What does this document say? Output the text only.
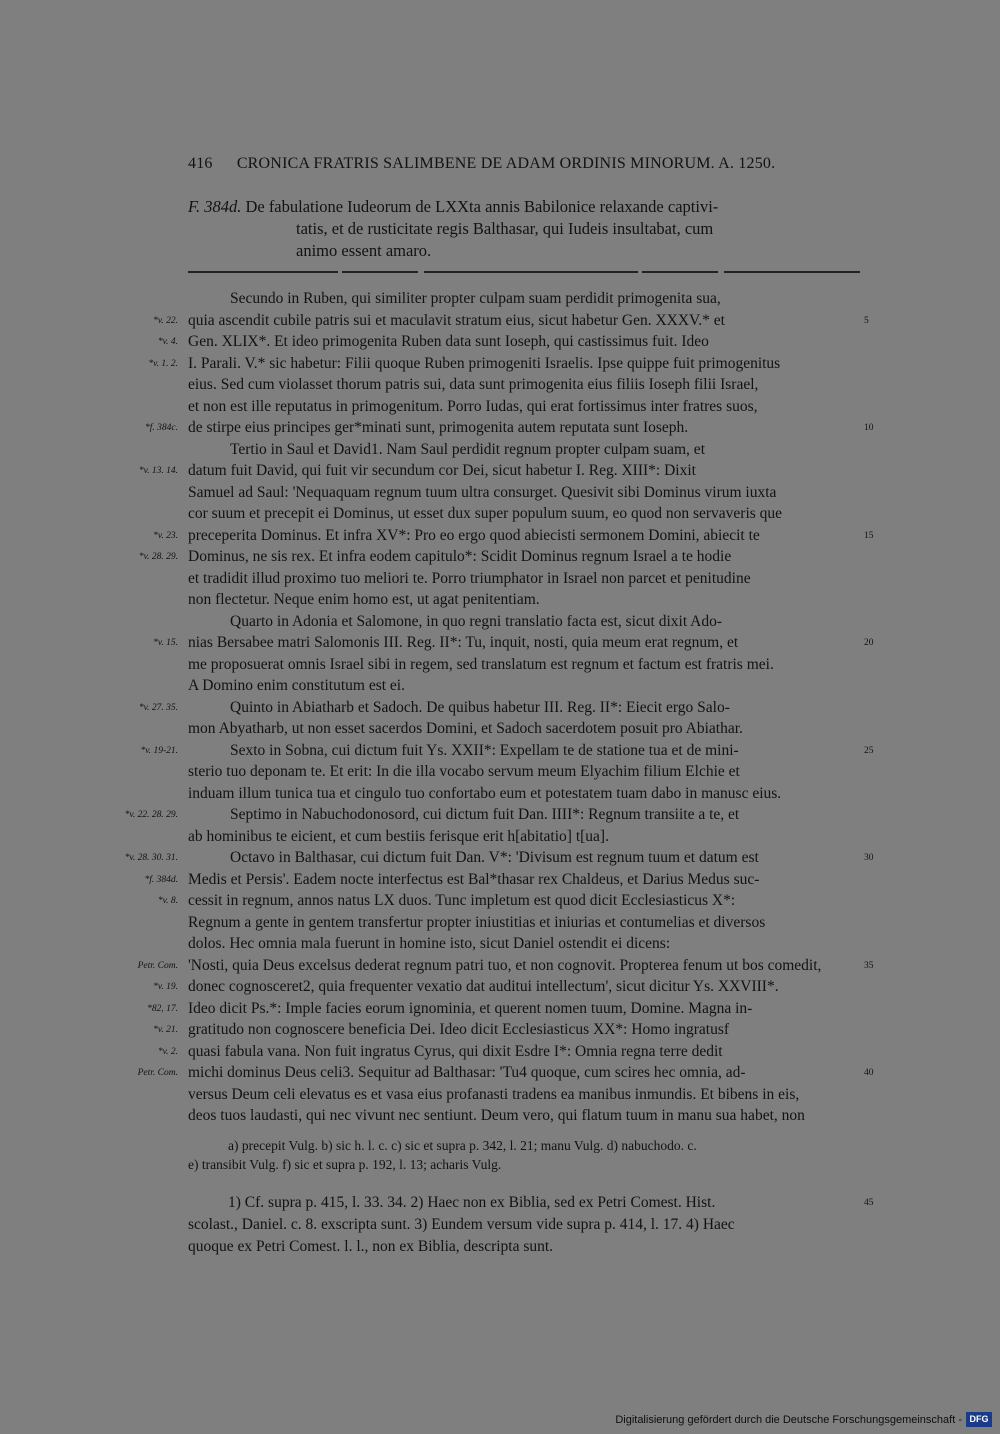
416 CRONICA FRATRIS SALIMBENE DE ADAM ORDINIS MINORUM. A. 1250.
F. 384d. De fabulatione Iudeorum de LXXta annis Babilonice relaxande captivi-
tatis, et de rusticitate regis Balthasar, qui Iudeis insultabat, cum
animo essent amaro.
Secundo in Ruben, qui similiter propter culpam suam perdidit primogenita sua,
quia ascendit cubile patris sui et maculavit stratum eius, sicut habetur Gen. XXXV.* et
*v. 22.	5
Gen. XLIX*. Et ideo primogenita Ruben data sunt Ioseph, qui castissimus fuit. Ideo
*v. 4.
I. Parali. V.* sic habetur: Filii quoque Ruben primogeniti Israelis. Ipse quippe fuit primogenitus
*v. 1. 2.
eius. Sed cum violasset thorum patris sui, data sunt primogenita eius filiis Ioseph filii Israel,
et non est ille reputatus in primogenitum. Porro Iudas, qui erat fortissimus inter fratres suos,
de stirpe eius principes ger*minati sunt, primogenita autem reputata sunt Ioseph.
*f. 384c.	10
Tertio in Saul et David1. Nam Saul perdidit regnum propter culpam suam, et
datum fuit David, qui fuit vir secundum cor Dei, sicut habetur I. Reg. XIII*: Dixit
*v. 13. 14.
Samuel ad Saul: 'Nequaquam regnum tuum ultra consurget. Quesivit sibi Dominus virum iuxta
cor suum et precepit ei Dominus, ut esset dux super populum suum, eo quod non servaveris que
preceperita Dominus. Et infra XV*: Pro eo ergo quod abiecisti sermonem Domini, abiecit te
*v. 23.	15
Dominus, ne sis rex. Et infra eodem capitulo*: Scidit Dominus regnum Israel a te hodie
*v. 28. 29.
et tradidit illud proximo tuo meliori te. Porro triumphator in Israel non parcet et penitudine
non flectetur. Neque enim homo est, ut agat penitentiam.
Quarto in Adonia et Salomone, in quo regni translatio facta est, sicut dixit Ado-
nias Bersabee matri Salomonis III. Reg. II*: Tu, inquit, nosti, quia meum erat regnum, et
*v. 15.	20
me proposuerat omnis Israel sibi in regem, sed translatum est regnum et factum est fratris mei.
A Domino enim constitutum est ei.
Quinto in Abiatharb et Sadoch. De quibus habetur III. Reg. II*: Eiecit ergo Salo-
*v. 27. 35.
mon Abyatharb, ut non esset sacerdos Domini, et Sadoch sacerdotem posuit pro Abiathar.
Sexto in Sobna, cui dictum fuit Ys. XXII*: Expellam te de statione tua et de mini-
*v. 19-21.	25
sterio tuo deponam te. Et erit: In die illa vocabo servum meum Elyachim filium Elchie et
induam illum tunica tua et cingulo tuo confortabo eum et potestatem tuam dabo in manusc eius.
Septimo in Nabuchodonosord, cui dictum fuit Dan. IIII*: Regnum transiite a te, et
*v. 22. 28. 29.
ab hominibus te eicient, et cum bestiis ferisque erit h[abitatio] t[ua].
Octavo in Balthasar, cui dictum fuit Dan. V*: 'Divisum est regnum tuum et datum est
*v. 28. 30. 31.	30
Medis et Persis'. Eadem nocte interfectus est Bal*thasar rex Chaldeus, et Darius Medus suc-
*f. 384d.
cessit in regnum, annos natus LX duos. Tunc impletum est quod dicit Ecclesiasticus X*:
*v. 8.
Regnum a gente in gentem transfertur propter iniustitias et iniurias et contumelias et diversos
dolos. Hec omnia mala fuerunt in homine isto, sicut Daniel ostendit ei dicens:
'Nosti, quia Deus excelsus dederat regnum patri tuo, et non cognovit. Propterea fenum ut bos comedit,
Petr. Com.	35
donec cognosceret2, quia frequenter vexatio dat auditui intellectum', sicut dicitur Ys. XXVIII*.
*v. 19.
Ideo dicit Ps.*: Imple facies eorum ignominia, et querent nomen tuum, Domine. Magna in-
*82, 17.
gratitudo non cognoscere beneficia Dei. Ideo dicit Ecclesiasticus XX*: Homo ingratusf
*v. 21.
quasi fabula vana. Non fuit ingratus Cyrus, qui dixit Esdre I*: Omnia regna terre dedit
*v. 2.
michi dominus Deus celi3. Sequitur ad Balthasar: 'Tu4 quoque, cum scires hec omnia, ad-
Petr. Com.	40
versus Deum celi elevatus es et vasa eius profanasti tradens ea manibus inmundis. Et bibens in eis,
deos tuos laudasti, qui nec vivunt nec sentiunt. Deum vero, qui flatum tuum in manu sua habet, non
a) precepit Vulg. b) sic h. l. c. c) sic et supra p. 342, l. 21; manu Vulg. d) nabuchodo. c.
e) transibit Vulg. f) sic et supra p. 192, l. 13; acharis Vulg.
1) Cf. supra p. 415, l. 33. 34. 2) Haec non ex Biblia, sed ex Petri Comest. Hist.
scolast., Daniel. c. 8. exscripta sunt. 3) Eundem versum vide supra p. 414, l. 17. 4) Haec
quoque ex Petri Comest. l. l., non ex Biblia, descripta sunt.
45
Digitalisierung gefördert durch die Deutsche Forschungsgemeinschaft - DFG
